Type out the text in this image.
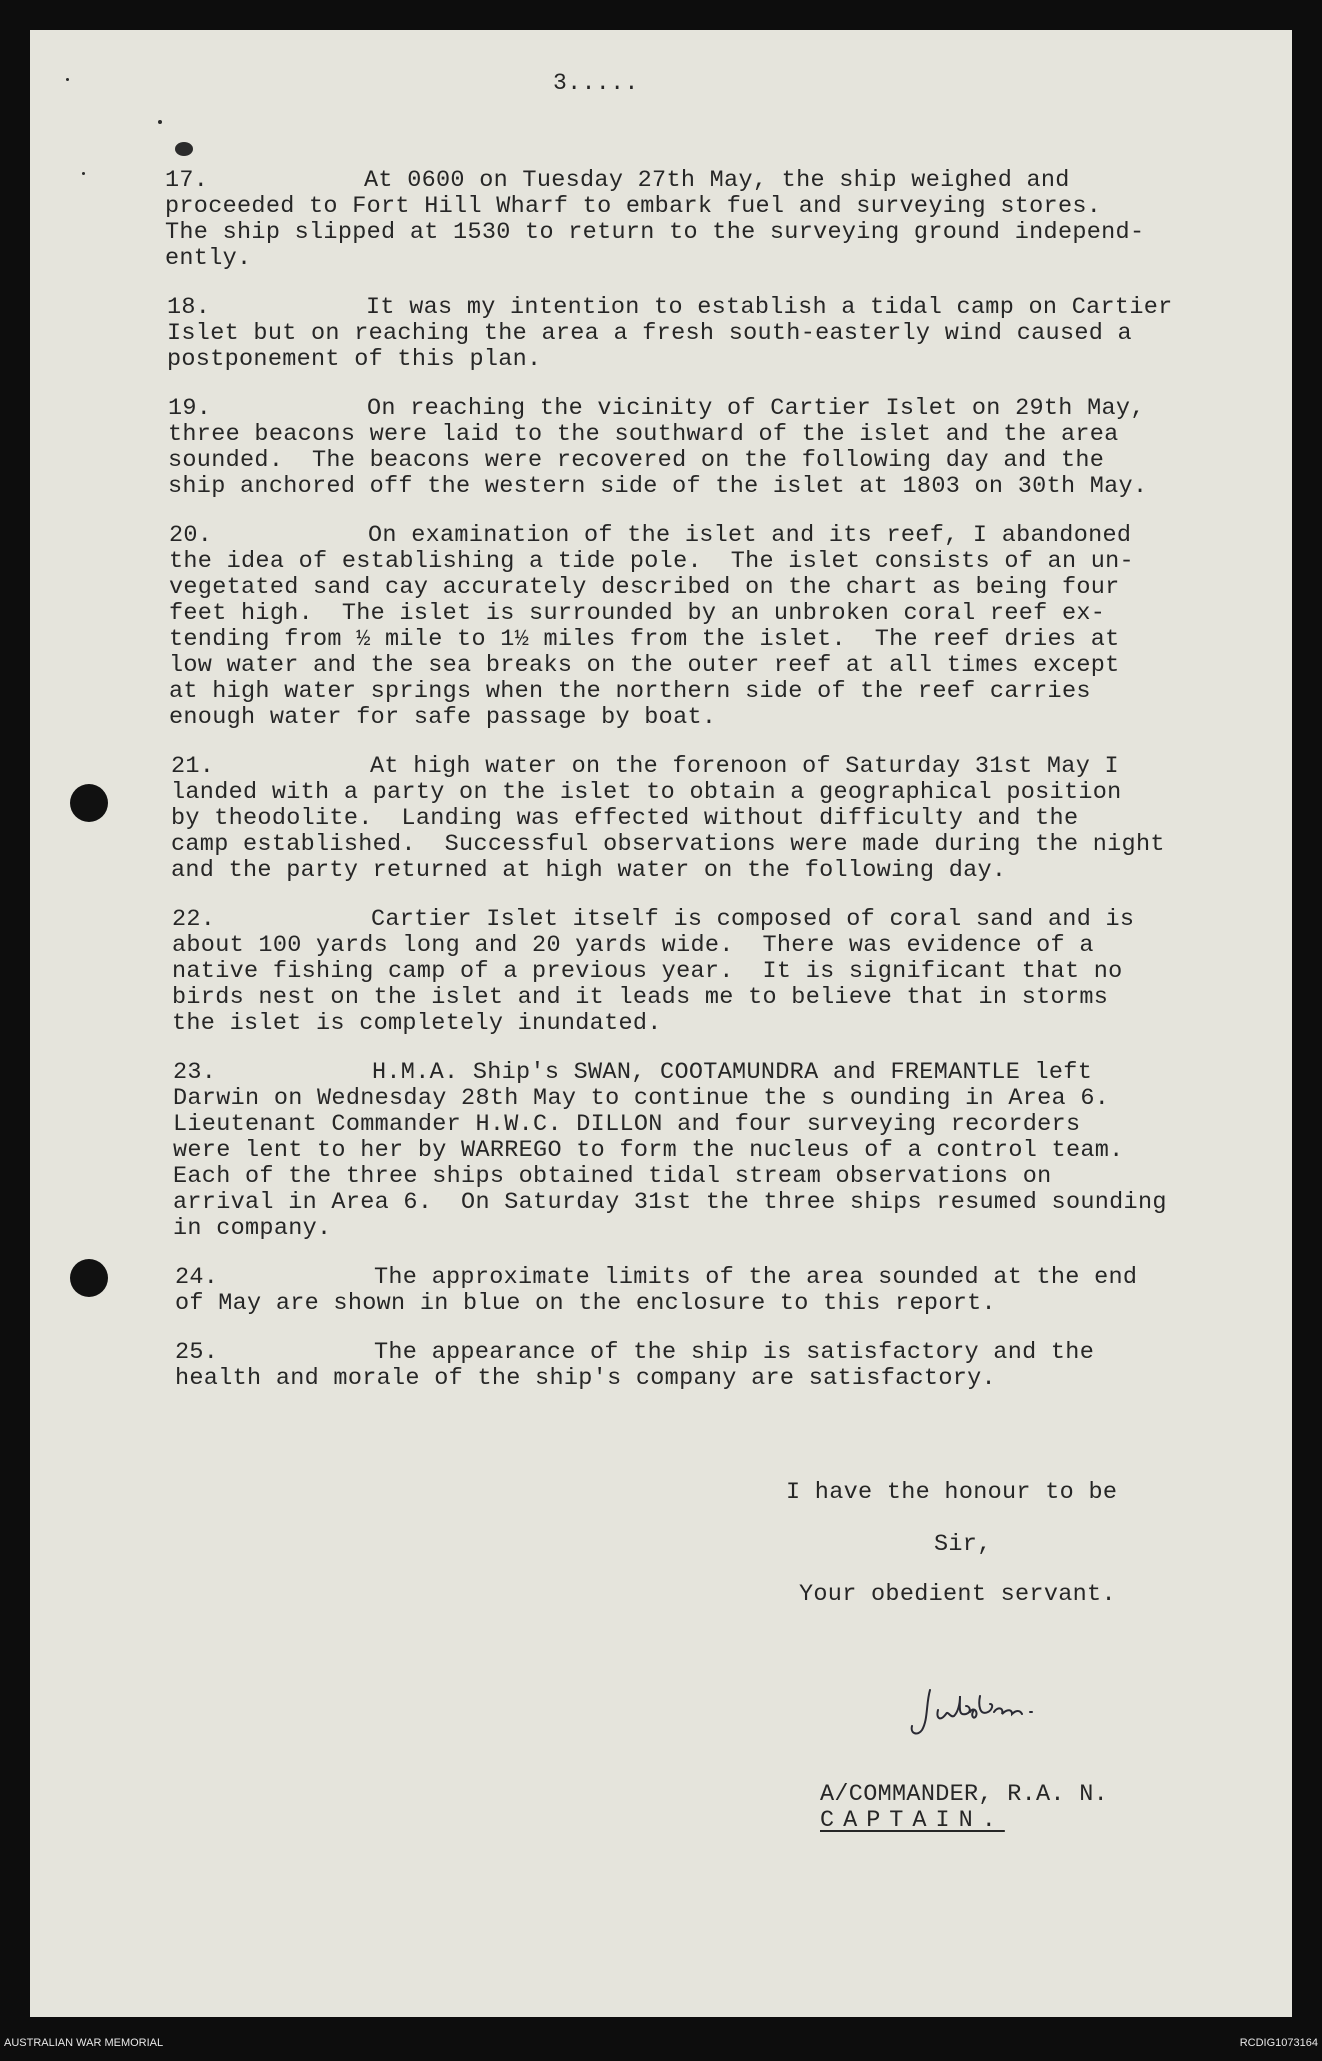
3.....

17.	At 0600 on Tuesday 27th May, the ship weighed and

proceeded to Fort Hill Wharf to embark fuel and surveying stores.

The ship slipped at 1530 to return to the surveying ground independ-

ently.

18.	It was my intention to establish a tidal camp on Cartier

Islet but on reaching the area a fresh south-easterly wind caused a

postponement of this plan.

19.	On reaching the vicinity of Cartier Islet on 29th May,

three beacons were laid to the southward of the islet and the area

sounded.  The beacons were recovered on the following day and the

ship anchored off the western side of the islet at 1803 on 30th May.

20.	On examination of the islet and its reef, I abandoned

the idea of establishing a tide pole.  The islet consists of an un-

vegetated sand cay accurately described on the chart as being four

feet high.  The islet is surrounded by an unbroken coral reef ex-

tending from ½ mile to 1½ miles from the islet.  The reef dries at

low water and the sea breaks on the outer reef at all times except

at high water springs when the northern side of the reef carries

enough water for safe passage by boat.

21.	At high water on the forenoon of Saturday 31st May I

landed with a party on the islet to obtain a geographical position

by theodolite.  Landing was effected without difficulty and the

camp established.  Successful observations were made during the night

and the party returned at high water on the following day.

22.	Cartier Islet itself is composed of coral sand and is

about 100 yards long and 20 yards wide.  There was evidence of a

native fishing camp of a previous year.  It is significant that no

birds nest on the islet and it leads me to believe that in storms

the islet is completely inundated.

23.	H.M.A. Ship's SWAN, COOTAMUNDRA and FREMANTLE left

Darwin on Wednesday 28th May to continue the s ounding in Area 6.

Lieutenant Commander H.W.C. DILLON and four surveying recorders

were lent to her by WARREGO to form the nucleus of a control team.

Each of the three ships obtained tidal stream observations on

arrival in Area 6.  On Saturday 31st the three ships resumed sounding

in company.

24.	The approximate limits of the area sounded at the end

of May are shown in blue on the enclosure to this report.

25.	The appearance of the ship is satisfactory and the

health and morale of the ship's company are satisfactory.

I have the honour to be

Sir,

Your obedient servant.

A/COMMANDER, R.A. N.

CAPTAIN.

AUSTRALIAN WAR MEMORIAL	RCDIG1073164
